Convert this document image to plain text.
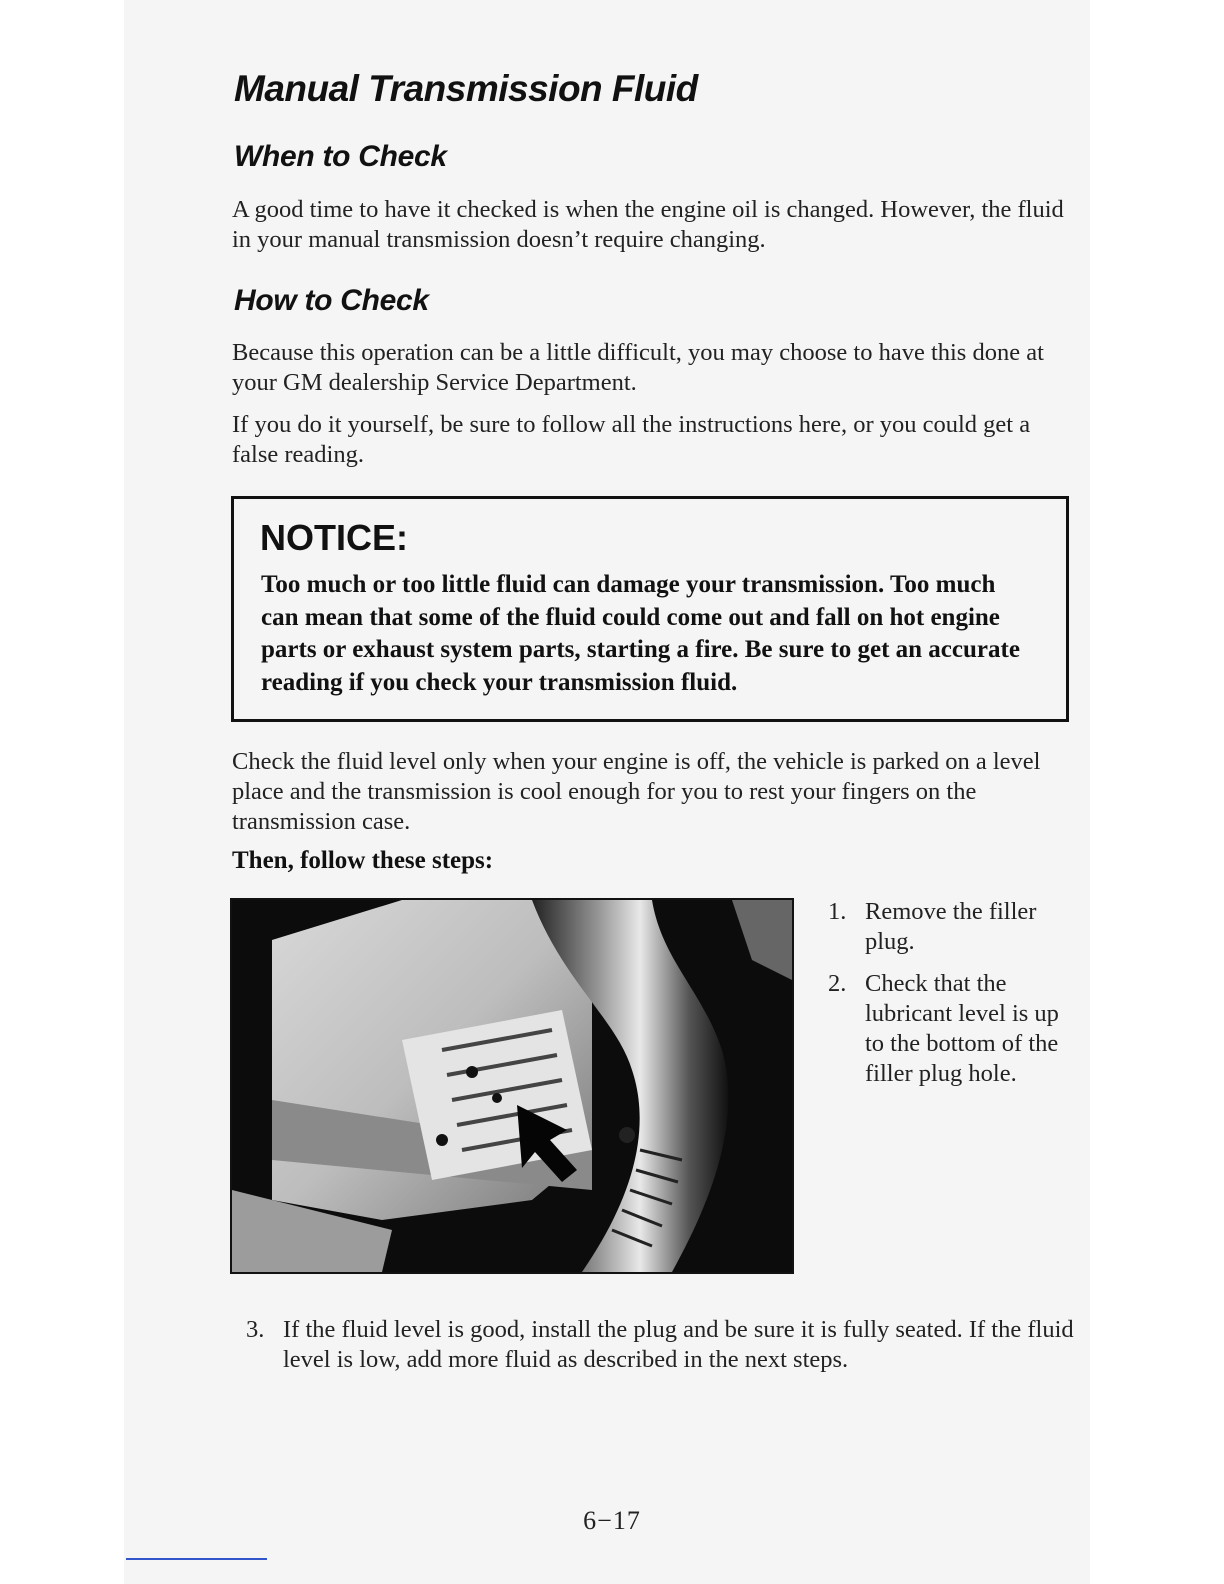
Manual Transmission Fluid
When to Check
A good time to have it checked is when the engine oil is changed. However, the fluid in your manual transmission doesn’t require changing.
How to Check
Because this operation can be a little difficult, you may choose to have this done at your GM dealership Service Department.
If you do it yourself, be sure to follow all the instructions here, or you could get a false reading.
NOTICE:
Too much or too little fluid can damage your transmission. Too much can mean that some of the fluid could come out and fall on hot engine parts or exhaust system parts, starting a fire. Be sure to get an accurate reading if you check your transmission fluid.
Check the fluid level only when your engine is off, the vehicle is parked on a level place and the transmission is cool enough for you to rest your fingers on the transmission case.
Then, follow these steps:
1. Remove the filler plug.
2. Check that the lubricant level is up to the bottom of the filler plug hole.
3. If the fluid level is good, install the plug and be sure it is fully seated. If the fluid level is low, add more fluid as described in the next steps.
6−17
